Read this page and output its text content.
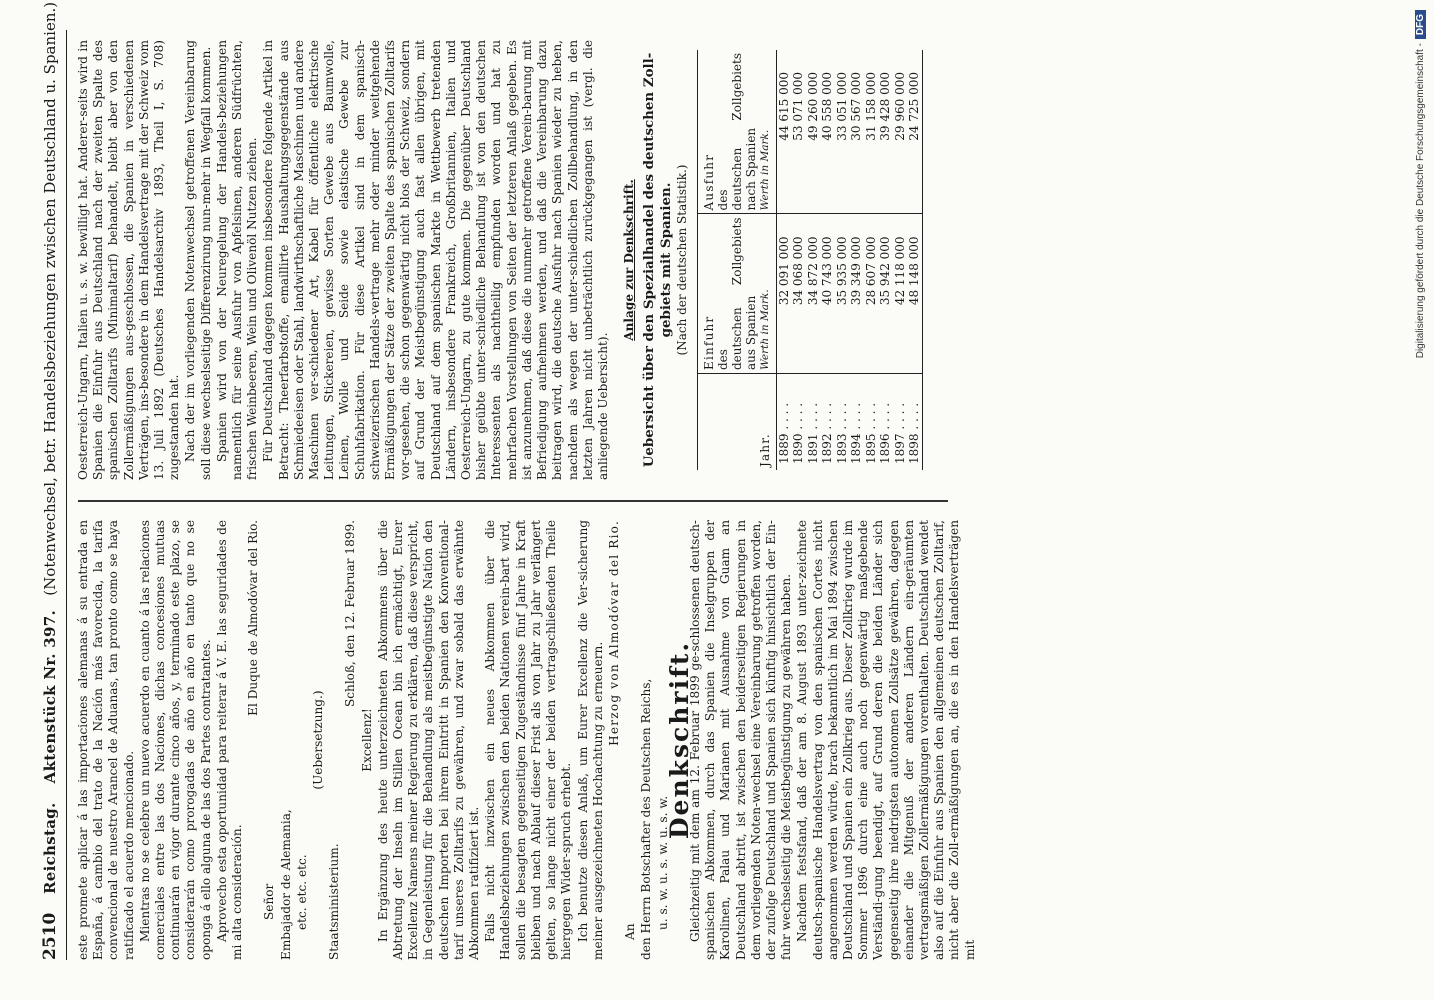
2510
Reichstag.    Aktenstück Nr. 397.   (Notenwechsel, betr. Handelsbeziehungen zwischen Deutschland u. Spanien.)

este promete aplicar á las importaciones alemanas á su entrada en España, á cambio del trato de la Nación más favorecida, la tarifa convencional de nuestro Arancel de Aduanas, tan pronto como se haya ratificado el acuerdo mencionado. Mientras no se celebre un nuevo acuerdo en cuanto á las relaciones comerciales entre las dos Naciones, dichas concesiones mutuas continuarán en vigor durante cinco años, y, terminado este plazo, se considerarán como prorogadas de año en año en tanto que no se oponga á ello alguna de las dos Partes contratantes. Aprovecho esta oportunidad para reiterar á V. E. las seguridades de mi alta consideración.

El Duque de Almodóvar del Rio.

Señor Embajador de Alemania, etc. etc. etc.

(Uebersetzung.)

Staatsministerium.

Schloß, den 12. Februar 1899.

Excellenz! In Ergänzung des heute unterzeichneten Abkommens über die Abtretung der Inseln im Stillen Ocean bin ich ermächtigt, Eurer Excellenz Namens meiner Regierung zu erklären, daß diese verspricht, in Gegenleistung für die Behandlung als meistbegünstigte Nation den deutschen Importen bei ihrem Eintritt in Spanien den Konventional-tarif unseres Zolltarifs zu gewähren, und zwar sobald das erwähnte Abkommen ratifiziert ist. Falls nicht inzwischen ein neues Abkommen über die Handelsbeziehungen zwischen den beiden Nationen verein-bart wird, sollen die besagten gegenseitigen Zugeständnisse fünf Jahre in Kraft bleiben und nach Ablauf dieser Frist als von Jahr zu Jahr verlängert gelten, so lange nicht einer der beiden vertragschließenden Theile hiergegen Wider-spruch erhebt. Ich benutze diesen Anlaß, um Eurer Excellenz die Ver-sicherung meiner ausgezeichneten Hochachtung zu erneuern.

Herzog von Almodóvar del Rio.

An den Herrn Botschafter des Deutschen Reichs, u. s. w. u. s. w. u. s. w.

Denkschrift.

Gleichzeitig mit dem am 12. Februar 1899 ge-schlossenen deutsch-spanischen Abkommen, durch das Spanien die Inselgruppen der Karolinen, Palau und Marianen mit Ausnahme von Guam an Deutschland abtritt, ist zwischen den beiderseitigen Regierungen in dem vorliegenden Noten-wechsel eine Vereinbarung getroffen worden, der zufolge Deutschland und Spanien sich künftig hinsichtlich der Ein-fuhr wechselseitig die Meistbegünstigung zu gewähren haben. Nachdem festsfand, daß der am 8. August 1893 unter-zeichnete deutsch-spanische Handelsvertrag von den spanischen Cortes nicht angenommen werden würde, brach bekanntlich im Mai 1894 zwischen Deutschland und Spanien ein Zollkrieg aus. Dieser Zollkrieg wurde im Sommer 1896 durch eine auch noch gegenwärtig maßgebende Verständi-gung beendigt, auf Grund deren die beiden Länder sich gegenseitig ihre niedrigsten autonomen Zollsätze gewähren, dagegen einander die Mitgenuß der anderen Ländern ein-geräumten vertragsmäßigen Zollermäßigungen vorenthalten. Deutschland wendet also auf die Einfuhr aus Spanien den allgemeinen deutschen Zolltarif, nicht aber die Zoll-ermäßigungen an, die es in den Handelsverträgen mit

Oesterreich-Ungarn, Italien u. s. w. bewilligt hat. Anderer-seits wird in Spanien die Einfuhr aus Deutschland nach der zweiten Spalte des spanischen Zolltarifs (Minimaltarif) behandelt, bleibt aber von den Zollermäßigungen aus-geschlossen, die Spanien in verschiedenen Verträgen, ins-besondere in dem Handelsvertrage mit der Schweiz vom 13. Juli 1892 (Deutsches Handelsarchiv 1893, Theil I, S. 708) zugestanden hat. Nach der im vorliegenden Notenwechsel getroffenen Vereinbarung soll diese wechselseitige Differenzirung nun-mehr in Wegfall kommen. Spanien wird von der Neuregelung der Handels-beziehungen namentlich für seine Ausfuhr von Apfelsinen, anderen Südfrüchten, frischen Weinbeeren, Wein und Olivenöl Nutzen ziehen. Für Deutschland dagegen kommen insbesondere folgende Artikel in Betracht: Theerfarbstoffe, emaillirte Haushaltungsgegenstände aus Schmiedeeisen oder Stahl, landwirthschaftliche Maschinen und andere Maschinen ver-schiedener Art, Kabel für öffentliche elektrische Leitungen, Stickereien, gewisse Sorten Gewebe aus Baumwolle, Leinen, Wolle und Seide sowie elastische Gewebe zur Schuhfabrikation. Für diese Artikel sind in dem spanisch-schweizerischen Handels-vertrage mehr oder minder weitgehende Ermäßigungen der Sätze der zweiten Spalte des spanischen Zolltarifs vor-gesehen, die schon gegenwärtig nicht blos der Schweiz, sondern auf Grund der Meistbegünstigung auch fast allen übrigen, mit Deutschland auf dem spanischen Markte in Wettbewerb tretenden Ländern, insbesondere Frankreich, Großbritannien, Italien und Oesterreich-Ungarn, zu gute kommen. Die gegenüber Deutschland bisher geübte unter-schiedliche Behandlung ist von den deutschen Interessenten als nachtheilig empfunden worden und hat zu mehrfachen Vorstellungen von Seiten der letzteren Anlaß gegeben. Es ist anzunehmen, daß diese die nunmehr getroffene Verein-barung mit Befriedigung aufnehmen werden, und daß die Vereinbarung dazu beitragen wird, die deutsche Ausfuhr nach Spanien wieder zu heben, nachdem als wegen der unter-schiedlichen Zollbehandlung, in den letzten Jahren nicht unbeträchtlich zurückgegangen ist (vergl. die anliegende Uebersicht).

Anlage zur Denkschrift. Uebersicht über den Spezialhandel des deutschen Zoll-gebiets mit Spanien. (Nach der deutschen Statistik.)
Jahr.	Einfuhr des deutschen Zollgebiets aus Spanien Werth in Mark.	Ausfuhr des deutschen Zollgebiets nach Spanien Werth in Mark.

1889 . . . .	32 091 000	44 615 000
1890 . . . .	34 068 000	53 071 000
1891 . . . .	34 872 000	49 260 000
1892 . . . .	40 743 000	40 558 000
1893 . . . .	35 935 000	33 051 000
1894 . . . .	39 349 000	30 567 000
1895 . . . .	28 607 000	31 158 000
1896 . . . .	35 942 000	39 428 000
1897 . . . .	42 118 000	29 960 000
1898 . . . .	48 148 000	24 725 000	Digitalisierung gefördert durch die Deutsche Forschungsgemeinschaft -DFG
